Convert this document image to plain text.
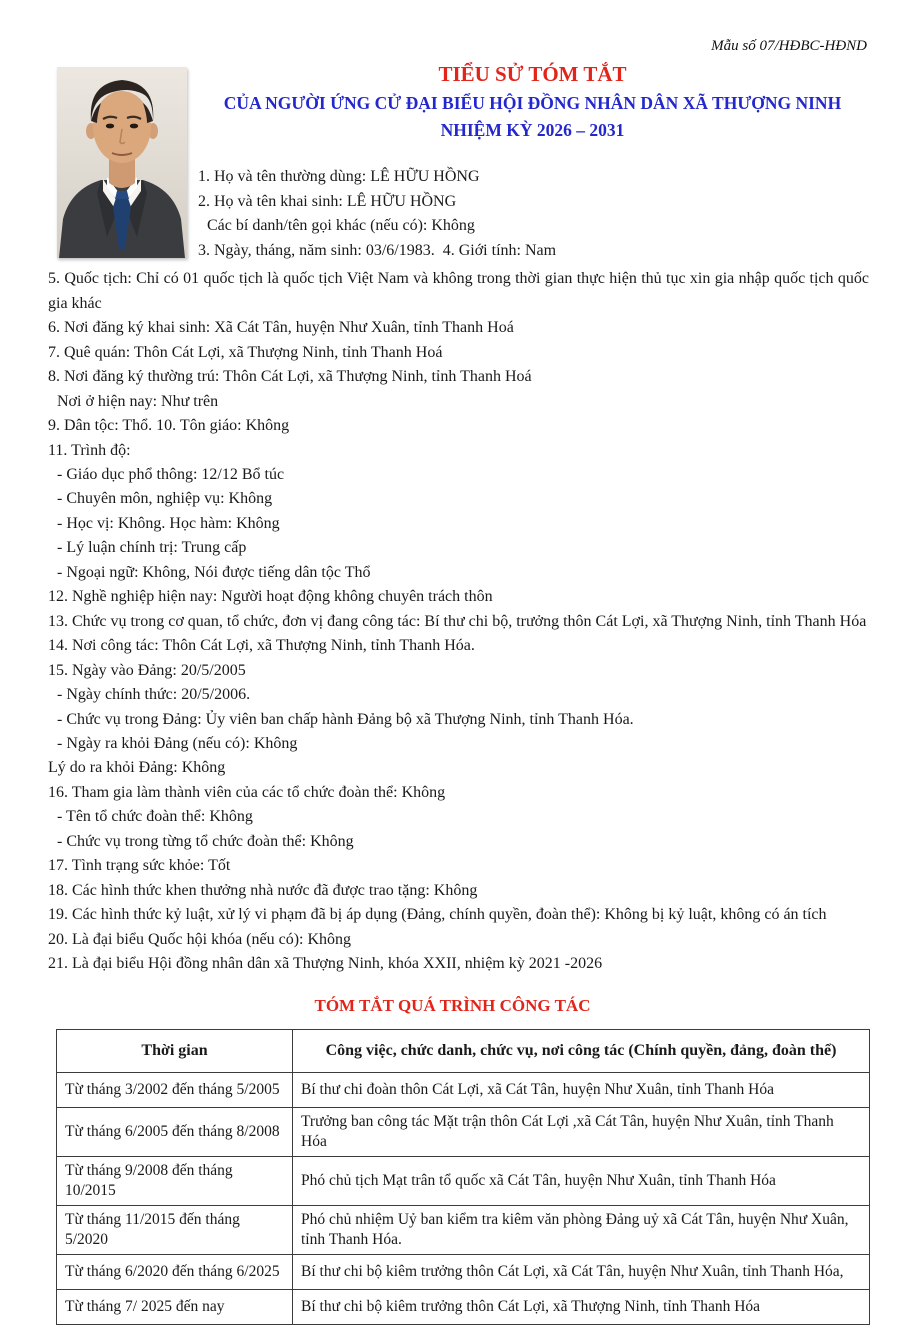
Mẫu số 07/HĐBC-HĐND
TIỂU SỬ TÓM TẮT
CỦA NGƯỜI ỨNG CỬ ĐẠI BIỂU HỘI ĐỒNG NHÂN DÂN XÃ THƯỢNG NINH
NHIỆM KỲ 2026 – 2031
1. Họ và tên thường dùng: LÊ HỮU HỒNG
2. Họ và tên khai sinh: LÊ HỮU HỒNG
Các bí danh/tên gọi khác (nếu có): Không
3. Ngày, tháng, năm sinh: 03/6/1983.  4. Giới tính: Nam
5. Quốc tịch: Chỉ có 01 quốc tịch là quốc tịch Việt Nam và không trong thời gian thực hiện thủ tục xin gia nhập quốc tịch quốc gia khác
6. Nơi đăng ký khai sinh: Xã Cát Tân, huyện Như Xuân, tỉnh Thanh Hoá
7. Quê quán: Thôn Cát Lợi, xã Thượng Ninh, tỉnh Thanh Hoá
8. Nơi đăng ký thường trú: Thôn Cát Lợi, xã Thượng Ninh, tỉnh Thanh Hoá
Nơi ở hiện nay: Như trên
9. Dân tộc: Thổ. 10. Tôn giáo: Không
11. Trình độ:
- Giáo dục phổ thông: 12/12 Bổ túc
- Chuyên môn, nghiệp vụ: Không
- Học vị: Không. Học hàm: Không
- Lý luận chính trị: Trung cấp
- Ngoại ngữ: Không, Nói được tiếng dân tộc Thổ
12. Nghề nghiệp hiện nay: Người hoạt động không chuyên trách thôn
13. Chức vụ trong cơ quan, tổ chức, đơn vị đang công tác: Bí thư chi bộ, trưởng thôn Cát Lợi, xã Thượng Ninh, tỉnh Thanh Hóa
14. Nơi công tác: Thôn Cát Lợi, xã Thượng Ninh, tỉnh Thanh Hóa.
15. Ngày vào Đảng: 20/5/2005
- Ngày chính thức: 20/5/2006.
- Chức vụ trong Đảng: Ủy viên ban chấp hành Đảng bộ xã Thượng Ninh, tỉnh Thanh Hóa.
- Ngày ra khỏi Đảng (nếu có): Không
Lý do ra khỏi Đảng: Không
16. Tham gia làm thành viên của các tổ chức đoàn thể: Không
- Tên tổ chức đoàn thể: Không
- Chức vụ trong từng tổ chức đoàn thể: Không
17. Tình trạng sức khỏe: Tốt
18. Các hình thức khen thưởng nhà nước đã được trao tặng: Không
19. Các hình thức kỷ luật, xử lý vi phạm đã bị áp dụng (Đảng, chính quyền, đoàn thể): Không bị kỷ luật, không có án tích
20. Là đại biểu Quốc hội khóa (nếu có): Không
21. Là đại biểu Hội đồng nhân dân xã Thượng Ninh, khóa XXII, nhiệm kỳ 2021 -2026
TÓM TẮT QUÁ TRÌNH CÔNG TÁC
Thời gian	Công việc, chức danh, chức vụ, nơi công tác (Chính quyền, đảng, đoàn thể)
Từ tháng 3/2002 đến tháng 5/2005	Bí thư chi đoàn thôn Cát Lợi, xã Cát Tân, huyện Như Xuân, tỉnh Thanh Hóa
Từ tháng 6/2005 đến tháng 8/2008	Trưởng ban công tác Mặt trận thôn Cát Lợi ,xã Cát Tân, huyện Như Xuân, tỉnh Thanh Hóa
Từ tháng 9/2008 đến tháng 10/2015	Phó chủ tịch Mạt trân tổ quốc xã Cát Tân, huyện Như Xuân, tỉnh Thanh Hóa
Từ tháng 11/2015 đến tháng 5/2020	Phó chủ nhiệm Uỷ ban kiểm tra kiêm văn phòng Đảng uỷ xã Cát Tân, huyện Như Xuân, tỉnh Thanh Hóa.
Từ tháng 6/2020 đến tháng 6/2025	Bí thư chi bộ kiêm trưởng thôn Cát Lợi, xã Cát Tân, huyện Như Xuân, tỉnh Thanh Hóa,
Từ tháng 7/ 2025 đến nay	Bí thư chi bộ kiêm trưởng thôn Cát Lợi, xã Thượng Ninh, tỉnh Thanh Hóa
